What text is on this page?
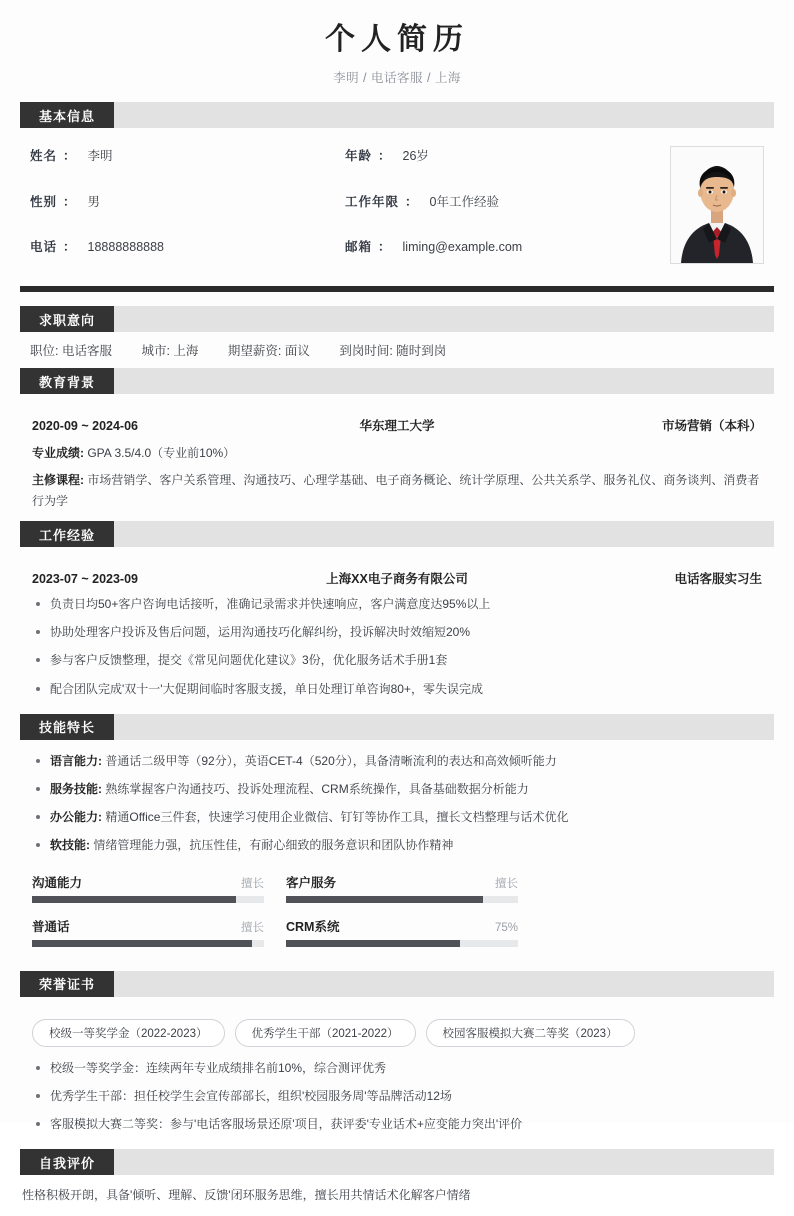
个人简历

李明 / 电话客服 / 上海

基本信息
姓名 ： 李明	年龄 ： 26岁
性别 ： 男	工作年限 ： 0年工作经验
电话 ： 18888888888	邮箱 ： liming@example.com
求职意向
职位: 电话客服 城市: 上海 期望薪资: 面议 到岗时间: 随时到岗
教育背景
2020-09 ~ 2024-06	华东理工大学	市场营销（本科）
专业成绩: GPA 3.5/4.0（专业前10%）
主修课程: 市场营销学、客户关系管理、沟通技巧、心理学基础、电子商务概论、统计学原理、公共关系学、服务礼仪、商务谈判、消费者行为学
工作经验
2023-07 ~ 2023-09	上海XX电子商务有限公司	电话客服实习生
负责日均50+客户咨询电话接听，准确记录需求并快速响应，客户满意度达95%以上
协助处理客户投诉及售后问题，运用沟通技巧化解纠纷，投诉解决时效缩短20%
参与客户反馈整理，提交《常见问题优化建议》3份，优化服务话术手册1套
配合团队完成'双十一'大促期间临时客服支援，单日处理订单咨询80+，零失误完成
技能特长
语言能力: 普通话二级甲等（92分），英语CET-4（520分），具备清晰流利的表达和高效倾听能力
服务技能: 熟练掌握客户沟通技巧、投诉处理流程、CRM系统操作，具备基础数据分析能力
办公能力: 精通Office三件套，快速学习使用企业微信、钉钉等协作工具，擅长文档整理与话术优化
软技能: 情绪管理能力强，抗压性佳，有耐心细致的服务意识和团队协作精神
沟通能力	擅长 客户服务	擅长
普通话	擅长 CRM系统	75%
荣誉证书
校级一等奖学金（2022-2023）	优秀学生干部（2021-2022）	校园客服模拟大赛二等奖（2023）
校级一等奖学金：连续两年专业成绩排名前10%，综合测评优秀
优秀学生干部：担任校学生会宣传部部长，组织'校园服务周'等品牌活动12场
客服模拟大赛二等奖：参与'电话客服场景还原'项目，获评委'专业话术+应变能力突出'评价
自我评价
性格积极开朗，具备'倾听、理解、反馈'闭环服务思维，擅长用共情话术化解客户情绪
